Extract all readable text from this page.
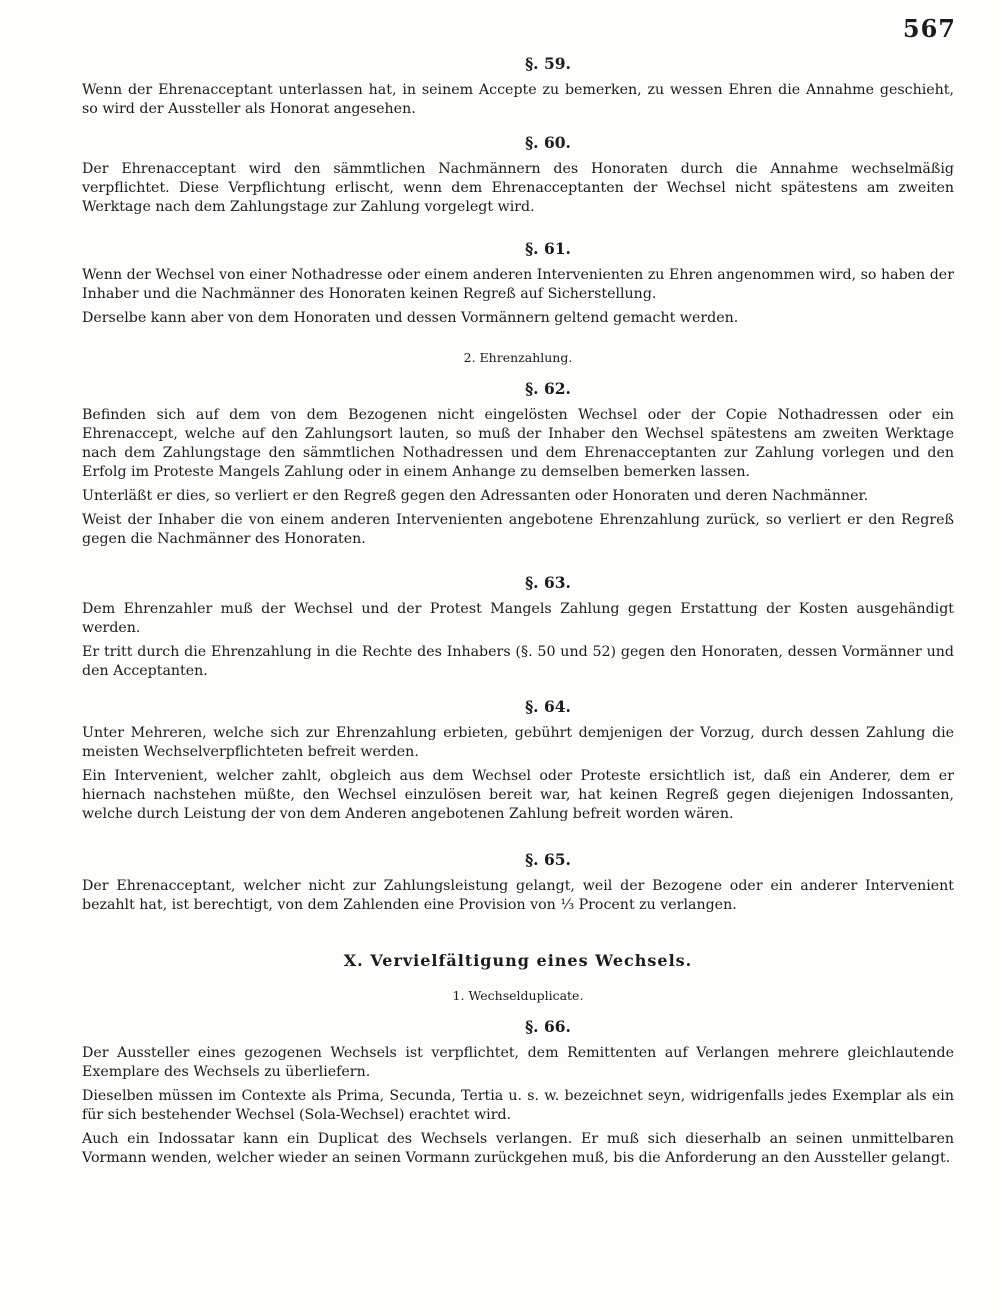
567
§. 59.

Wenn der Ehrenacceptant unterlassen hat, in seinem Accepte zu bemerken, zu wessen Ehren die Annahme geschieht, so wird der Aussteller als Honorat angesehen.

§. 60.

Der Ehrenacceptant wird den sämmtlichen Nachmännern des Honoraten durch die Annahme wechselmäßig verpflichtet. Diese Verpflichtung erlischt, wenn dem Ehrenacceptanten der Wechsel nicht spätestens am zweiten Werktage nach dem Zahlungstage zur Zahlung vorgelegt wird.

§. 61.

Wenn der Wechsel von einer Nothadresse oder einem anderen Intervenienten zu Ehren angenommen wird, so haben der Inhaber und die Nachmänner des Honoraten keinen Regreß auf Sicherstellung.

Derselbe kann aber von dem Honoraten und dessen Vormännern geltend gemacht werden.

2. Ehrenzahlung.
§. 62.

Befinden sich auf dem von dem Bezogenen nicht eingelösten Wechsel oder der Copie Nothadressen oder ein Ehrenaccept, welche auf den Zahlungsort lauten, so muß der Inhaber den Wechsel spätestens am zweiten Werktage nach dem Zahlungstage den sämmtlichen Nothadressen und dem Ehrenacceptanten zur Zahlung vorlegen und den Erfolg im Proteste Mangels Zahlung oder in einem Anhange zu demselben bemerken lassen.

Unterläßt er dies, so verliert er den Regreß gegen den Adressanten oder Honoraten und deren Nachmänner.

Weist der Inhaber die von einem anderen Intervenienten angebotene Ehrenzahlung zurück, so verliert er den Regreß gegen die Nachmänner des Honoraten.

§. 63.

Dem Ehrenzahler muß der Wechsel und der Protest Mangels Zahlung gegen Erstattung der Kosten ausgehändigt werden.

Er tritt durch die Ehrenzahlung in die Rechte des Inhabers (§. 50 und 52) gegen den Honoraten, dessen Vormänner und den Acceptanten.

§. 64.

Unter Mehreren, welche sich zur Ehrenzahlung erbieten, gebührt demjenigen der Vorzug, durch dessen Zahlung die meisten Wechselverpflichteten befreit werden.

Ein Intervenient, welcher zahlt, obgleich aus dem Wechsel oder Proteste ersichtlich ist, daß ein Anderer, dem er hiernach nachstehen müßte, den Wechsel einzulösen bereit war, hat keinen Regreß gegen diejenigen Indossanten, welche durch Leistung der von dem Anderen angebotenen Zahlung befreit worden wären.

§. 65.

Der Ehrenacceptant, welcher nicht zur Zahlungsleistung gelangt, weil der Bezogene oder ein anderer Intervenient bezahlt hat, ist berechtigt, von dem Zahlenden eine Provision von ⅓ Procent zu verlangen.

X. Vervielfältigung eines Wechsels.
1. Wechselduplicate.
§. 66.

Der Aussteller eines gezogenen Wechsels ist verpflichtet, dem Remittenten auf Verlangen mehrere gleichlautende Exemplare des Wechsels zu überliefern.

Dieselben müssen im Contexte als Prima, Secunda, Tertia u. s. w. bezeichnet seyn, widrigenfalls jedes Exemplar als ein für sich bestehender Wechsel (Sola-Wechsel) erachtet wird.

Auch ein Indossatar kann ein Duplicat des Wechsels verlangen. Er muß sich dieserhalb an seinen unmittelbaren Vormann wenden, welcher wieder an seinen Vormann zurückgehen muß, bis die Anforderung an den Aussteller gelangt.
